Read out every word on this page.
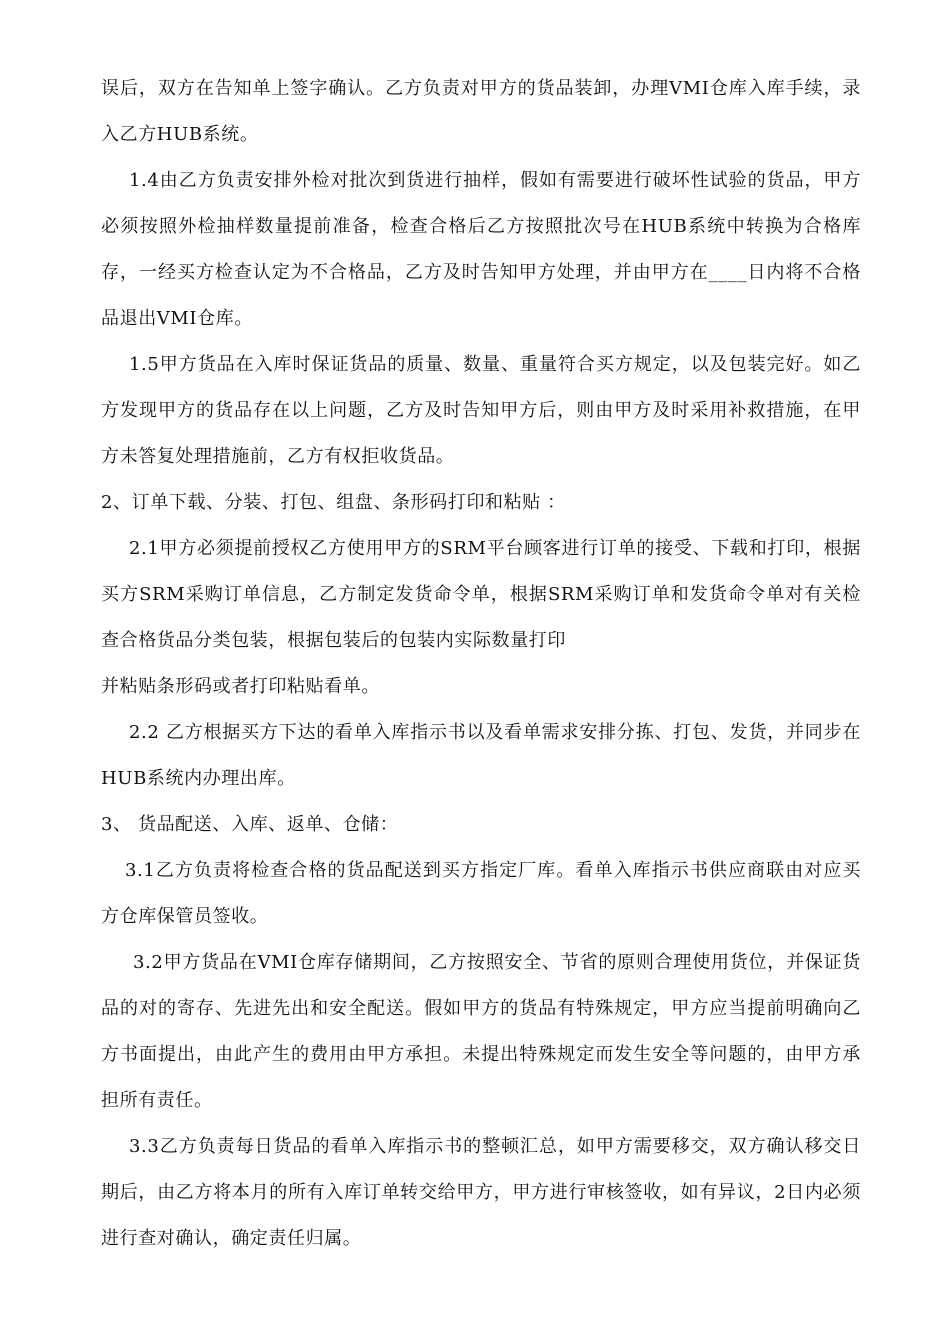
误后，双方在告知单上签字确认。乙方负责对甲方的货品装卸，办理VMI仓库入库手续，录入乙方HUB系统。

1.4由乙方负责安排外检对批次到货进行抽样，假如有需要进行破坏性试验的货品，甲方必须按照外检抽样数量提前准备，检查合格后乙方按照批次号在HUB系统中转换为合格库存，一经买方检查认定为不合格品，乙方及时告知甲方处理，并由甲方在____日内将不合格品退出VMI仓库。

1.5甲方货品在入库时保证货品的质量、数量、重量符合买方规定，以及包装完好。如乙方发现甲方的货品存在以上问题，乙方及时告知甲方后，则由甲方及时采用补救措施，在甲方未答复处理措施前，乙方有权拒收货品。

2、订单下载、分装、打包、组盘、条形码打印和粘贴 ：

2.1甲方必须提前授权乙方使用甲方的SRM平台顾客进行订单的接受、下载和打印，根据买方SRM采购订单信息，乙方制定发货命令单，根据SRM采购订单和发货命令单对有关检查合格货品分类包装，根据包装后的包装内实际数量打印

并粘贴条形码或者打印粘贴看单。

2.2 乙方根据买方下达的看单入库指示书以及看单需求安排分拣、打包、发货，并同步在HUB系统内办理出库。

3、 货品配送、入库、返单、仓储：

3.1乙方负责将检查合格的货品配送到买方指定厂库。看单入库指示书供应商联由对应买方仓库保管员签收。

3.2甲方货品在VMI仓库存储期间，乙方按照安全、节省的原则合理使用货位，并保证货品的对的寄存、先进先出和安全配送。假如甲方的货品有特殊规定，甲方应当提前明确向乙方书面提出，由此产生的费用由甲方承担。未提出特殊规定而发生安全等问题的，由甲方承担所有责任。

3.3乙方负责每日货品的看单入库指示书的整顿汇总，如甲方需要移交，双方确认移交日期后，由乙方将本月的所有入库订单转交给甲方，甲方进行审核签收，如有异议，2日内必须进行查对确认，确定责任归属。
